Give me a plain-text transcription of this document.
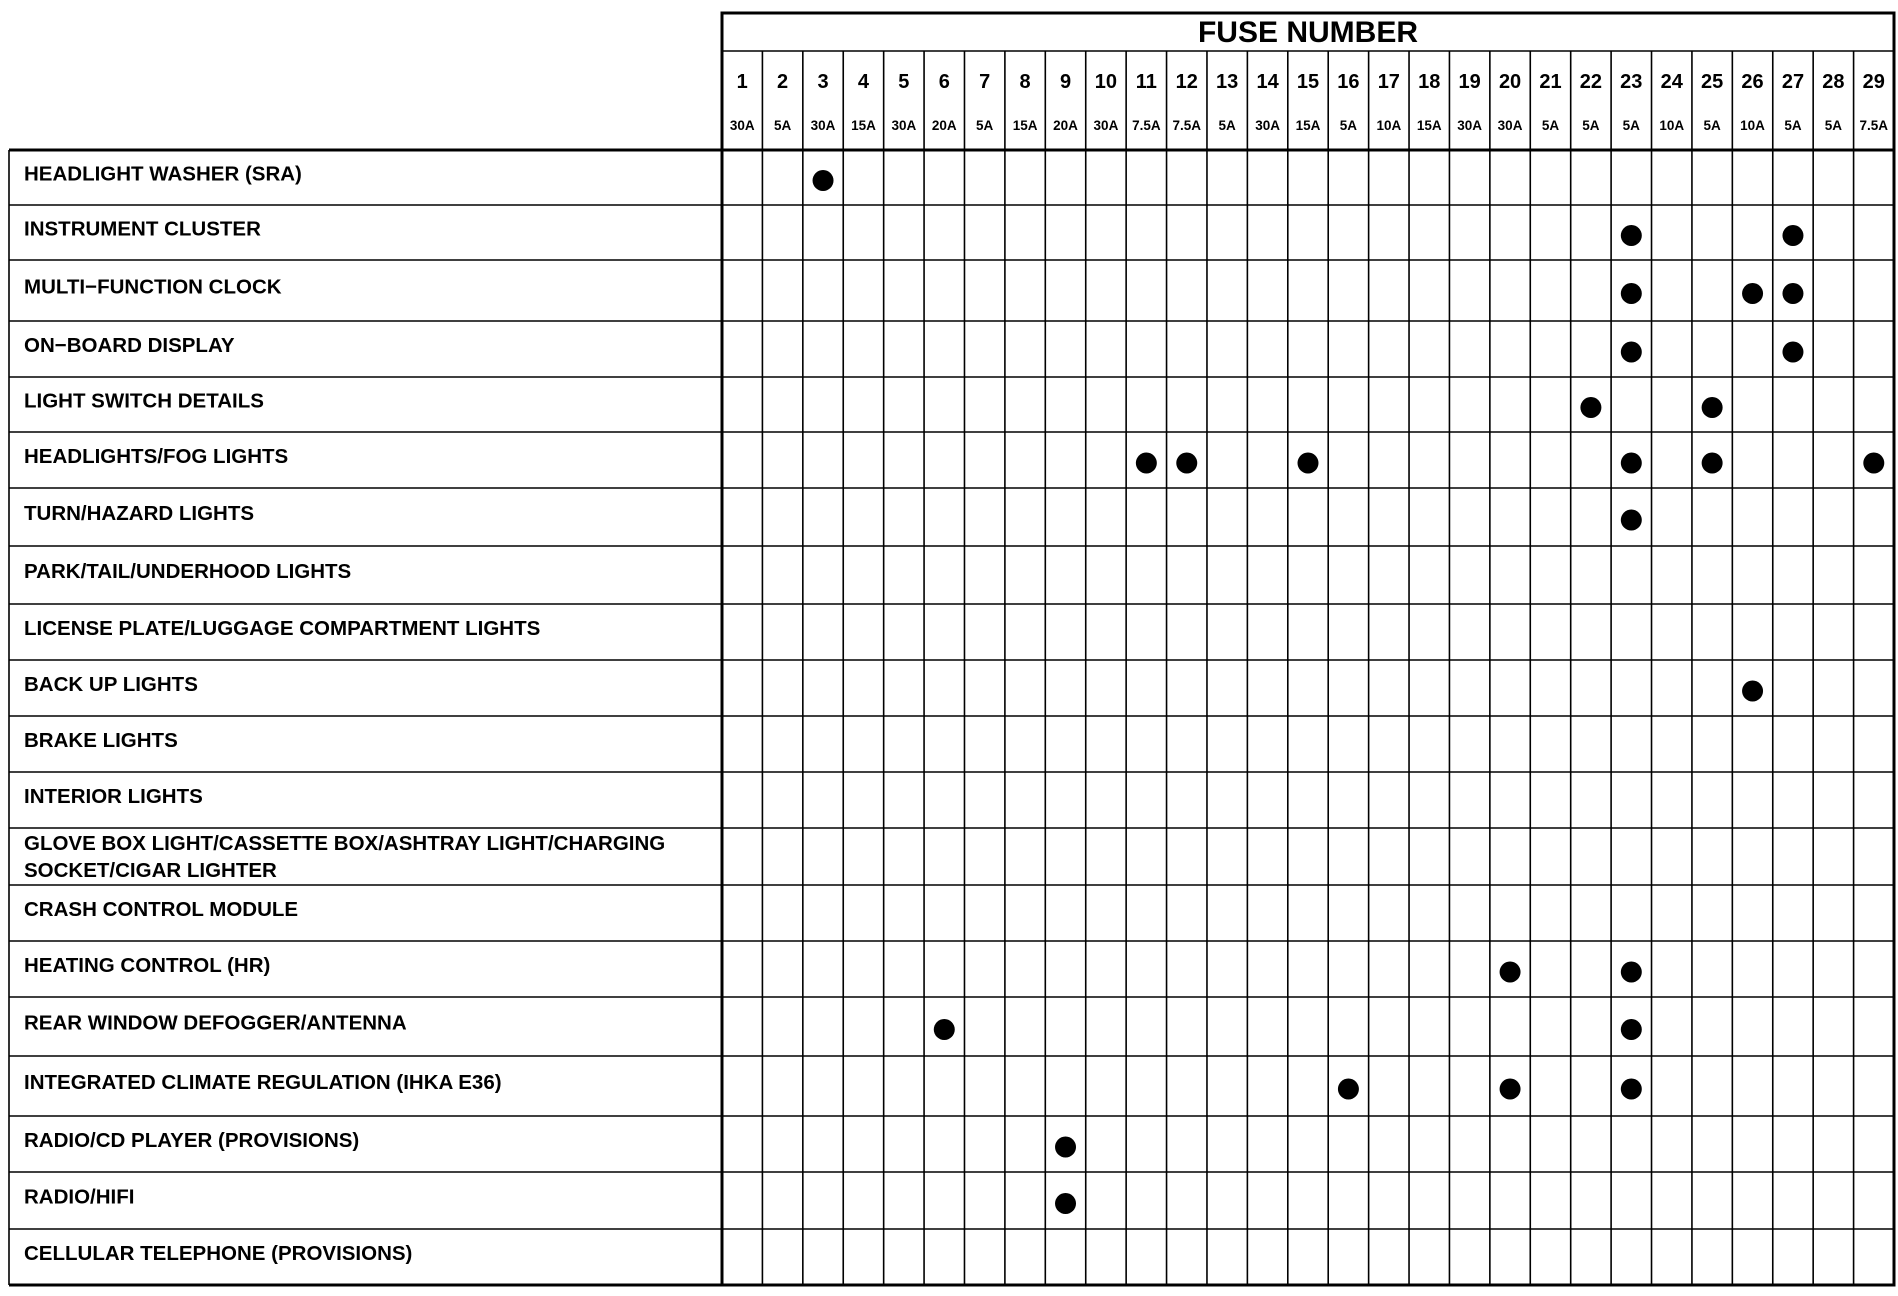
FUSE NUMBER
1
30A
2
5A
3
30A
4
15A
5
30A
6
20A
7
5A
8
15A
9
20A
10
30A
11
7.5A
12
7.5A
13
5A
14
30A
15
15A
16
5A
17
10A
18
15A
19
30A
20
30A
21
5A
22
5A
23
5A
24
10A
25
5A
26
10A
27
5A
28
5A
29
7.5A
HEADLIGHT WASHER (SRA)
INSTRUMENT CLUSTER
MULTI−FUNCTION CLOCK
ON−BOARD DISPLAY
LIGHT SWITCH DETAILS
HEADLIGHTS/FOG LIGHTS
TURN/HAZARD LIGHTS
PARK/TAIL/UNDERHOOD LIGHTS
LICENSE PLATE/LUGGAGE COMPARTMENT LIGHTS
BACK UP LIGHTS
BRAKE LIGHTS
INTERIOR LIGHTS
GLOVE BOX LIGHT/CASSETTE BOX/ASHTRAY LIGHT/CHARGING
SOCKET/CIGAR LIGHTER
CRASH CONTROL MODULE
HEATING CONTROL (HR)
REAR WINDOW DEFOGGER/ANTENNA
INTEGRATED CLIMATE REGULATION (IHKA E36)
RADIO/CD PLAYER (PROVISIONS)
RADIO/HIFI
CELLULAR TELEPHONE (PROVISIONS)
